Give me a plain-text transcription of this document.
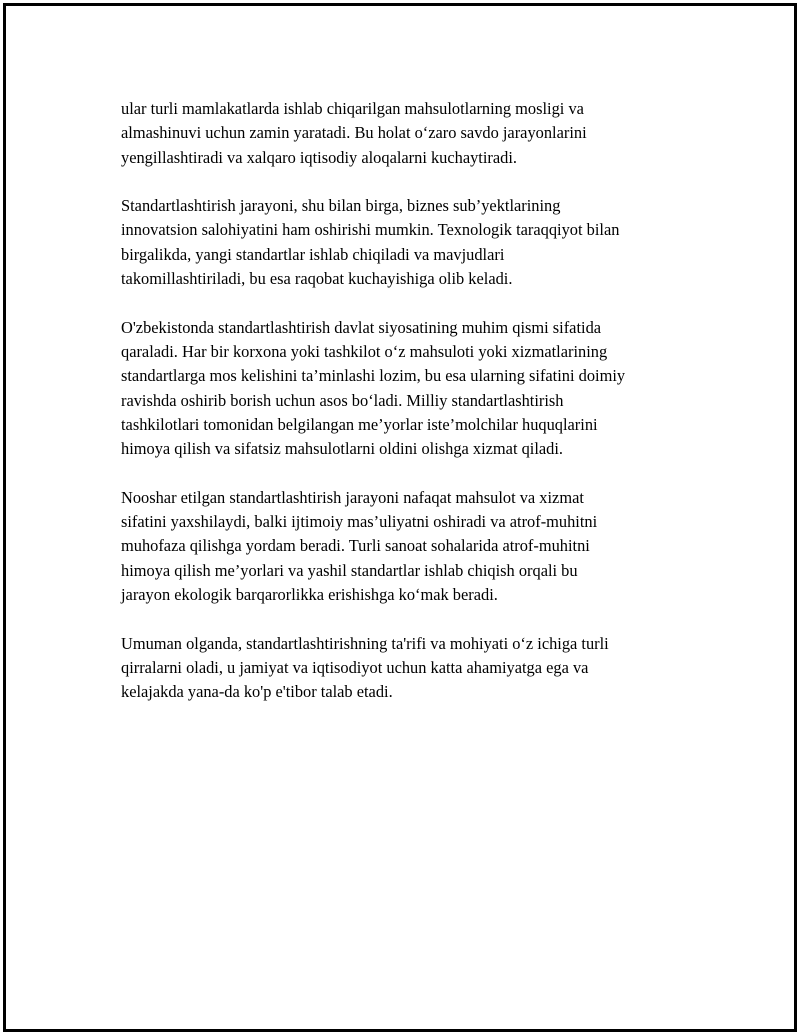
ular turli mamlakatlarda ishlab chiqarilgan mahsulotlarning mosligi va
almashinuvi uchun zamin yaratadi. Bu holat o‘zaro savdo jarayonlarini
yengillashtiradi va xalqaro iqtisodiy aloqalarni kuchaytiradi.

Standartlashtirish jarayoni, shu bilan birga, biznes sub’yektlarining
innovatsion salohiyatini ham oshirishi mumkin. Texnologik taraqqiyot bilan
birgalikda, yangi standartlar ishlab chiqiladi va mavjudlari
takomillashtiriladi, bu esa raqobat kuchayishiga olib keladi.

O'zbekistonda standartlashtirish davlat siyosatining muhim qismi sifatida
qaraladi. Har bir korxona yoki tashkilot o‘z mahsuloti yoki xizmatlarining
standartlarga mos kelishini ta’minlashi lozim, bu esa ularning sifatini doimiy
ravishda oshirib borish uchun asos bo‘ladi. Milliy standartlashtirish
tashkilotlari tomonidan belgilangan me’yorlar iste’molchilar huquqlarini
himoya qilish va sifatsiz mahsulotlarni oldini olishga xizmat qiladi.

Nooshar etilgan standartlashtirish jarayoni nafaqat mahsulot va xizmat
sifatini yaxshilaydi, balki ijtimoiy mas’uliyatni oshiradi va atrof-muhitni
muhofaza qilishga yordam beradi. Turli sanoat sohalarida atrof-muhitni
himoya qilish me’yorlari va yashil standartlar ishlab chiqish orqali bu
jarayon ekologik barqarorlikka erishishga ko‘mak beradi.

Umuman olganda, standartlashtirishning ta'rifi va mohiyati o‘z ichiga turli
qirralarni oladi, u jamiyat va iqtisodiyot uchun katta ahamiyatga ega va
kelajakda yana-da ko'p e'tibor talab etadi.
